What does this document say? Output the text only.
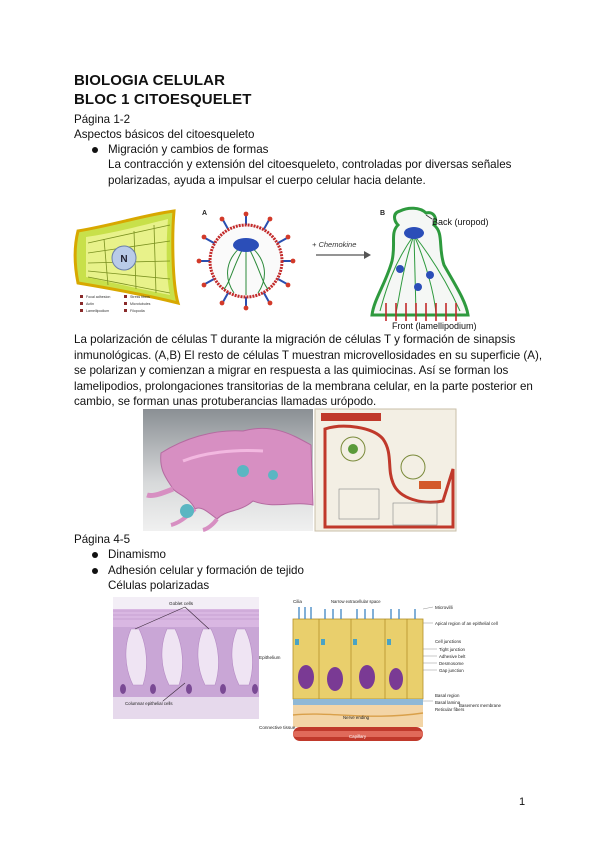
BIOLOGIA CELULAR
BLOC 1 CITOESQUELET
Página 1-2
Aspectos básicos del citoesqueleto
Migración y cambios de formas
La contracción y extensión del citoesqueleto, controladas por diversas señales
polarizadas, ayuda a impulsar el cuerpo celular hacia delante.
N
Focal adhesion
Actin
Lamellipodium
Stress fibers
Microtubules
Filopodia
A
+ Chemokine
B
Back (uropod)
Front (lamellipodium)
La polarización de células T durante la migración de células T y formación de sinapsis
inmunológicas. (A,B) El resto de células T muestran microvellosidades en su superficie (A),
se polarizan y comienzan a migrar en respuesta a las quimiocinas. Así se forman los
lamelipodios, prolongaciones transitorias de la membrana celular, en la parte posterior en
cambio, se forman unas protuberancias llamadas urópodo.
Página 4-5
Dinamismo
Adhesión celular y formación de tejido
Células polarizadas
Goblet cells
Columnar epithelial cells
Epithelium
Connective tissue
Cilia	Narrow extracellular space
Microvilli
Apical region of an epithelial cell
Cell junctions
Tight junction
Adhesive belt
Desmosome
Gap junction
Basal region
Basal lamina
Reticular fibers
Basement membrane
Nerve ending
Capillary
1
